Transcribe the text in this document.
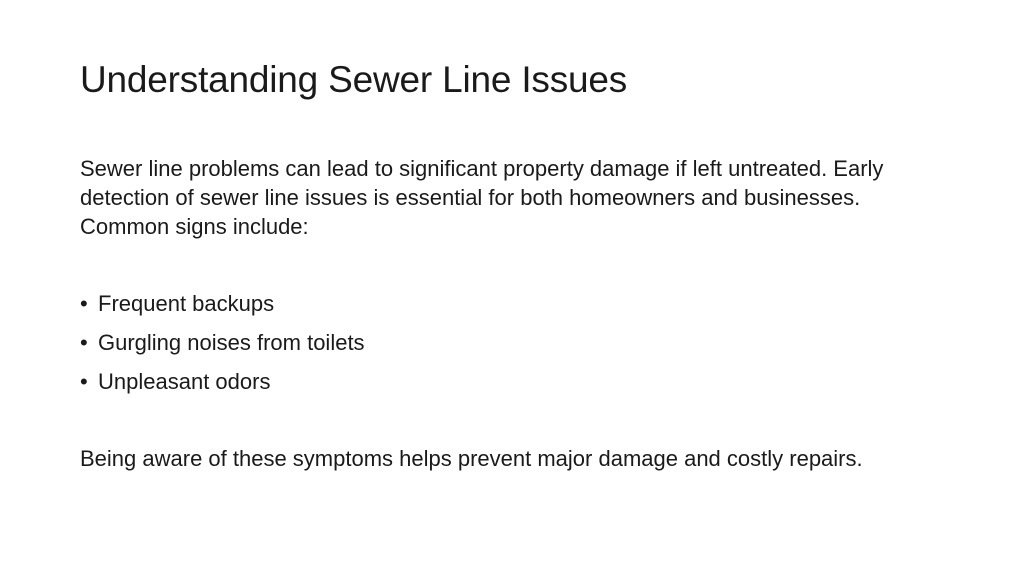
Understanding Sewer Line Issues

Sewer line problems can lead to significant property damage if left untreated. Early detection of sewer line issues is essential for both homeowners and businesses. Common signs include:

• Frequent backups
• Gurgling noises from toilets
• Unpleasant odors

Being aware of these symptoms helps prevent major damage and costly repairs.
